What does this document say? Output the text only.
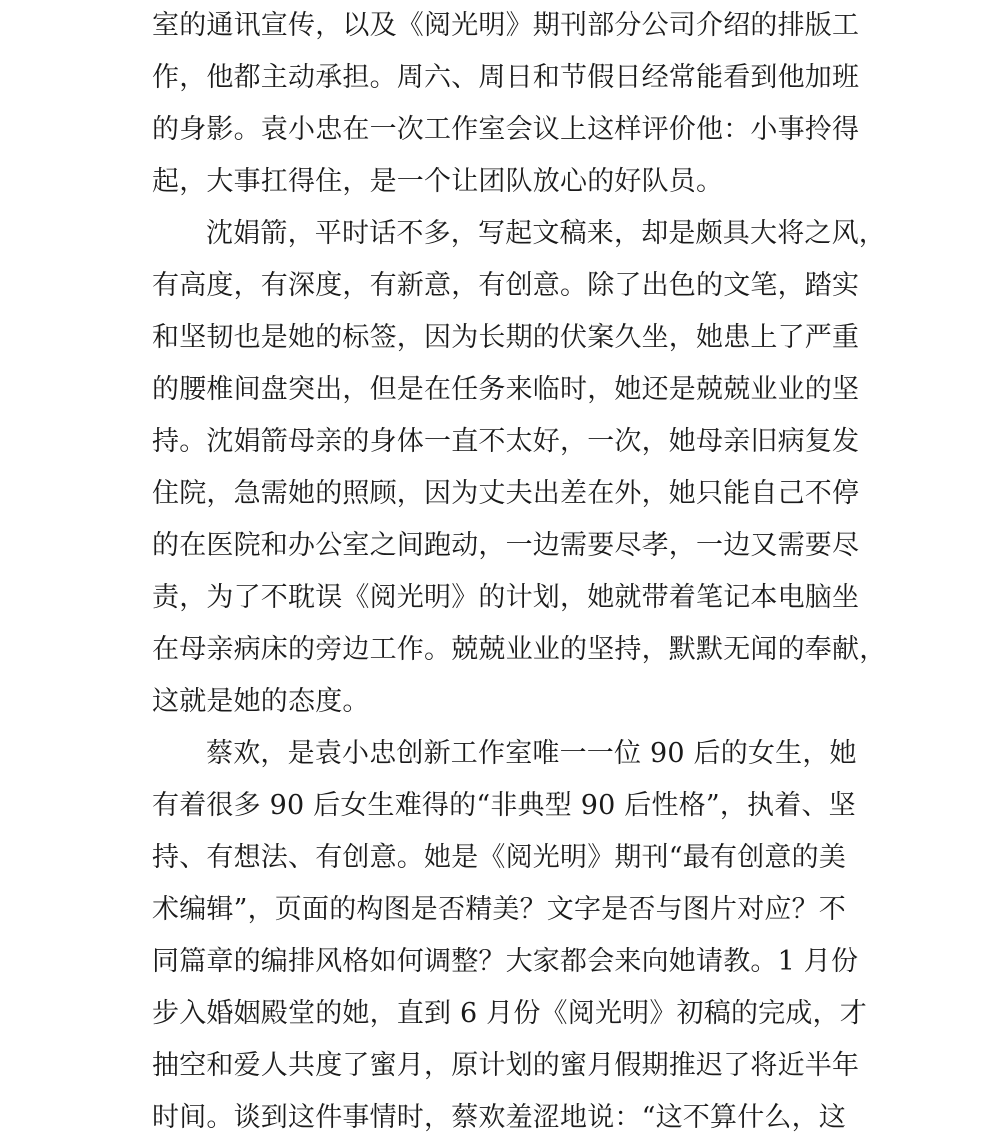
室的通讯宣传，以及《阅光明》期刊部分公司介绍的排版工
作，他都主动承担。周六、周日和节假日经常能看到他加班
的身影。袁小忠在一次工作室会议上这样评价他：小事拎得
起，大事扛得住，是一个让团队放心的好队员。
沈娟箭，平时话不多，写起文稿来，却是颇具大将之风，
有高度，有深度，有新意，有创意。除了出色的文笔，踏实
和坚韧也是她的标签，因为长期的伏案久坐，她患上了严重
的腰椎间盘突出，但是在任务来临时，她还是兢兢业业的坚
持。沈娟箭母亲的身体一直不太好，一次，她母亲旧病复发
住院，急需她的照顾，因为丈夫出差在外，她只能自己不停
的在医院和办公室之间跑动，一边需要尽孝，一边又需要尽
责，为了不耽误《阅光明》的计划，她就带着笔记本电脑坐
在母亲病床的旁边工作。兢兢业业的坚持，默默无闻的奉献，
这就是她的态度。
蔡欢，是袁小忠创新工作室唯一一位 90 后的女生，她
有着很多 90 后女生难得的“非典型 90 后性格”，执着、坚
持、有想法、有创意。她是《阅光明》期刊“最有创意的美
术编辑”，页面的构图是否精美？文字是否与图片对应？不
同篇章的编排风格如何调整？大家都会来向她请教。1 月份
步入婚姻殿堂的她，直到 6 月份《阅光明》初稿的完成，才
抽空和爱人共度了蜜月，原计划的蜜月假期推迟了将近半年
时间。谈到这件事情时，蔡欢羞涩地说：“这不算什么，这
